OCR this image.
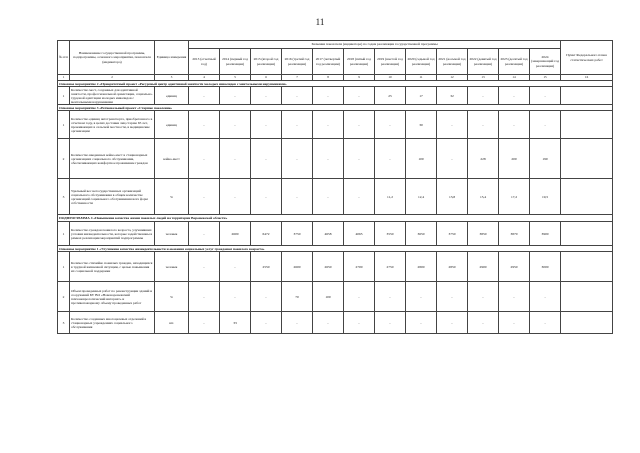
11
№ п/п	Наименование государственной программы, подпрограммы, основного мероприятия, показателя (индикатора)	Единица измерения	Значения показателя (индикатора) по годам реализации государственной программы												Пункт Федерального плана статистических работ
			2013 (отчетный год)	2014 (первый год реализации)	2015 (второй год реализации)	2016 (третий год реализации)	2017 (четвертый год реализации)	2018 (пятый год реализации)	2019 (шестой год реализации)	2020 (седьмой год реализации)	2021 (восьмой год реализации)	2022 (девятый год реализации)	2023 (десятый год реализации)	2024 (завершающий год реализации)	
1	2	3	4	5	6	7	8	9	10	11	12	13	14	15	16
Основное мероприятие 2 «Приоритетный проект «Ресурсный центр адаптивной занятости молодых инвалидов с ментальными нарушениями»															
1	Количество мест, созданных для адаптивной занятости, профессиональной ориентации, социально-трудовой адаптации молодых инвалидов с ментальными нарушениями	единиц	-	-	-	-	-	-	25	17	32	-	-	-	
Основное мероприятие 3 «Региональный проект «Старшее поколение»															
1	Количество единиц автотранспорта, приобретенного в отчетном году, в целях доставки лиц старше 65 лет, проживающих в сельской местности, в медицинские организации	единиц	-	-	-	-	-	-	-	30	-	-	-	-	
2	Количество введенных койко-мест в стационарных организациях социального обслуживания, обеспечивающих комфортное проживание граждан	койко-мест	-	-	-	-	-	-	-	100	-	228	200	190	
3	Удельный вес негосударственных организаций социального обслуживания в общем количестве организаций социального обслуживания всех форм собственности	%	-	-	-	-	-	-	11,2	12,4	13,8	15,4	17,2	19,5	
ПОДПРОГРАММА 4 «Повышение качества жизни пожилых людей на территории Воронежской области»															
1	Количество граждан пожилого возраста, улучшивших условия жизнедеятельности, которые задействованы в рамках реализации мероприятий подпрограммы	человек	-	2600	6472	3750	4658	4065	3550	3650	3750	3850	3870	3900	
Основное мероприятие 1 «Улучшение качества жизнедеятельности и оказания социальных услуг гражданам пожилого возраста»															
1	Количество стихийно пожилых граждан, находящихся в трудной жизненной ситуации, с целью повышения их социальной поддержки	человек	-	-	2550	2600	2650	2700	2750	2800	2850	2900	2950	3000	
2	Объем проведенных работ по реконструкции зданий и сооружений БУ ВО «Нововоронежский психоневрологический интернат» и противопожарному объему проведенных работ	%	-	-	-	70	100	-	-	-	-	-	-	-	
3	Количество созданных многоцелевых отделений в стационарных учреждениях социального обслуживания	шт.	-	33	-	-	-	-	-	-	-	-	-	-	
